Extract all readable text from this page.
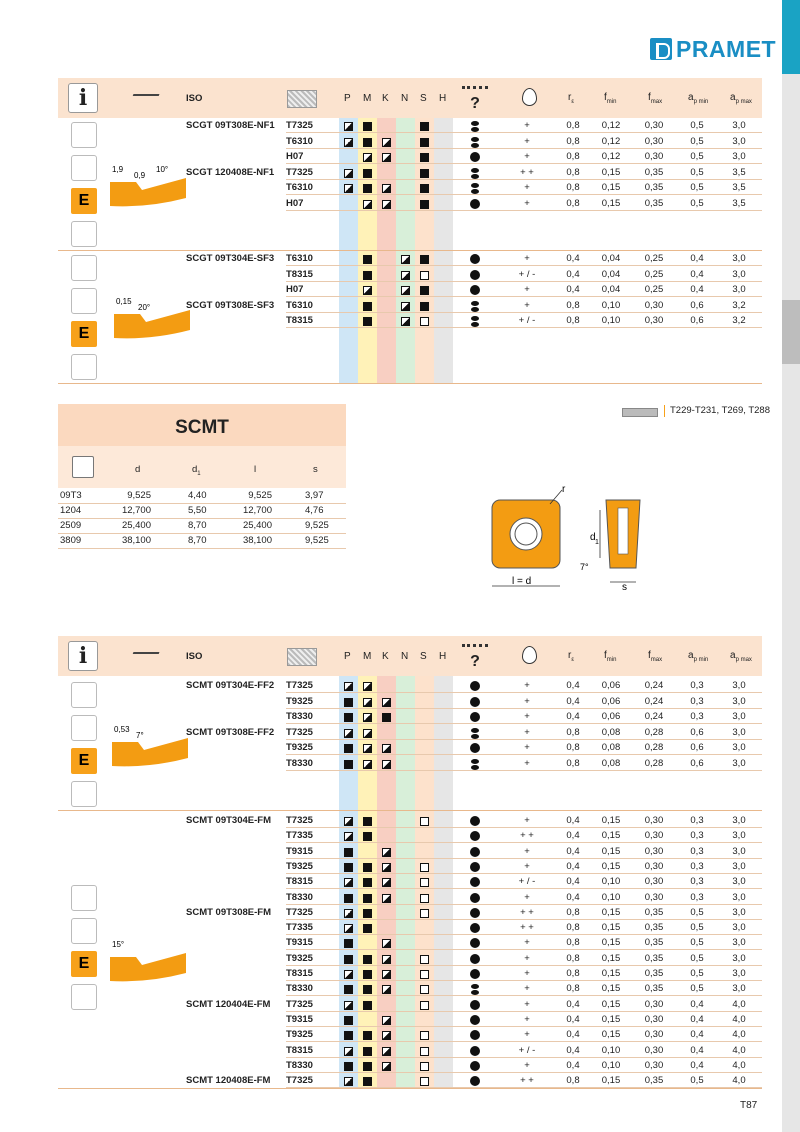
PRAMET
i	ISO	P M K N S H	?	$r_\varepsilon$	$f_{min}$	$f_{max}$	$a_{p min}$ $a_{p max}$
SCGT 09T308E-NF1 T7325	+	0,8	0,12	0,30	0,5	3,0
T6310	+	0,8	0,12	0,30	0,5	3,0
H07	+	0,8	0,12	0,30	0,5	3,0
SCGT 120408E-NF1 T7325	+ +	0,8	0,15	0,35	0,5	3,5
T6310	+	0,8	0,15	0,35	0,5	3,5
H07	+	0,8	0,15	0,35	0,5	3,5
SCGT 09T304E-SF3 T6310	+	0,4	0,04	0,25	0,4	3,0
T8315	+ / -	0,4	0,04	0,25	0,4	3,0
H07	+	0,4	0,04	0,25	0,4	3,0
SCGT 09T308E-SF3 T6310	+	0,8	0,10	0,30	0,6	3,2
T8315	+ / -	0,8	0,10	0,30	0,6	3,2
E
E
1,9
0,9
10°
0,15
20°
i	ISO	P M K N S H	?	$r_\varepsilon$	$f_{min}$	$f_{max}$	$a_{p min}$ $a_{p max}$
SCMT 09T304E-FF2 T7325	+	0,4	0,06	0,24	0,3	3,0
T9325	+	0,4	0,06	0,24	0,3	3,0
T8330	+	0,4	0,06	0,24	0,3	3,0
SCMT 09T308E-FF2 T7325	+	0,8	0,08	0,28	0,6	3,0
T9325	+	0,8	0,08	0,28	0,6	3,0
T8330	+	0,8	0,08	0,28	0,6	3,0
SCMT 09T304E-FM T7325	+	0,4	0,15	0,30	0,3	3,0
T7335	+ +	0,4	0,15	0,30	0,3	3,0
T9315	+	0,4	0,15	0,30	0,3	3,0
T9325	+	0,4	0,15	0,30	0,3	3,0
T8315	+ / -	0,4	0,10	0,30	0,3	3,0
T8330	+	0,4	0,10	0,30	0,3	3,0
SCMT 09T308E-FM T7325	+ +	0,8	0,15	0,35	0,5	3,0
T7335	+ +	0,8	0,15	0,35	0,5	3,0
T9315	+	0,8	0,15	0,35	0,5	3,0
T9325	+	0,8	0,15	0,35	0,5	3,0
T8315	+	0,8	0,15	0,35	0,5	3,0
T8330	+	0,8	0,15	0,35	0,5	3,0
SCMT 120404E-FM T7325	+	0,4	0,15	0,30	0,4	4,0
T9315	+	0,4	0,15	0,30	0,4	4,0
T9325	+	0,4	0,15	0,30	0,4	4,0
T8315	+ / -	0,4	0,10	0,30	0,4	4,0
T8330	+	0,4	0,10	0,30	0,4	4,0
SCMT 120408E-FM T7325	+ +	0,8	0,15	0,35	0,5	4,0
E
E
0,53
7°
15°
SCMT
d	$d_1$	l	s
09T3	9,525	4,40	9,525	3,97
1204	12,700	5,50	12,700	4,76
2509	25,400	8,70	25,400	9,525
3809	38,100	8,70	38,100	9,525
T229-T231, T269, T288
r
l = d
d 1
7°
s
T87
